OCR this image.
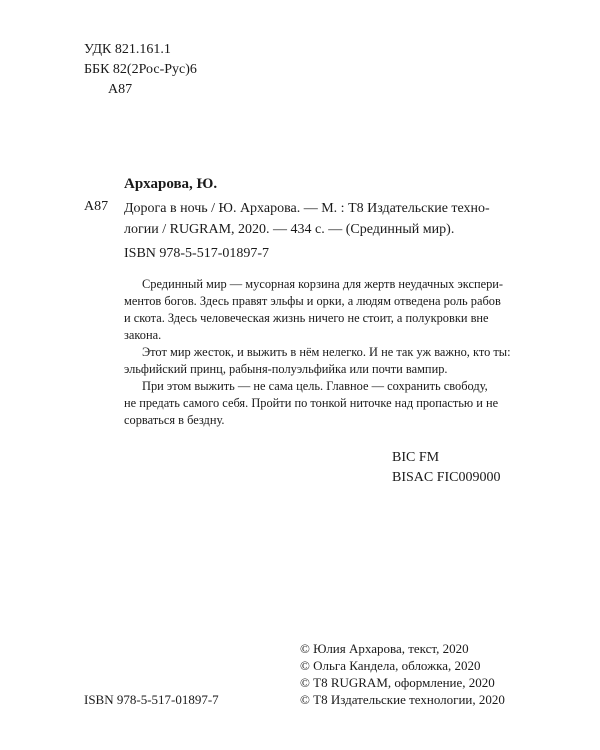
УДК 821.161.1
ББК 82(2Рос-Рус)6
А87
Архарова, Ю.
А87 Дорога в ночь / Ю. Архарова. — М. : Т8 Издательские техно-
логии / RUGRAM, 2020. — 434 с. — (Срединный мир).
ISBN 978-5-517-01897-7
Срединный мир — мусорная корзина для жертв неудачных экспери-
ментов богов. Здесь правят эльфы и орки, а людям отведена роль рабов
и скота. Здесь человеческая жизнь ничего не стоит, а полукровки вне
закона.
Этот мир жесток, и выжить в нём нелегко. И не так уж важно, кто ты:
эльфийский принц, рабыня-полуэльфийка или почти вампир.
При этом выжить — не сама цель. Главное — сохранить свободу,
не предать самого себя. Пройти по тонкой ниточке над пропастью и не
сорваться в бездну.
BIC FM
BISAC FIC009000
ISBN 978-5-517-01897-7
© Юлия Архарова, текст, 2020
© Ольга Канделa, обложка, 2020
© Т8 RUGRAM, оформление, 2020
© Т8 Издательские технологии, 2020
